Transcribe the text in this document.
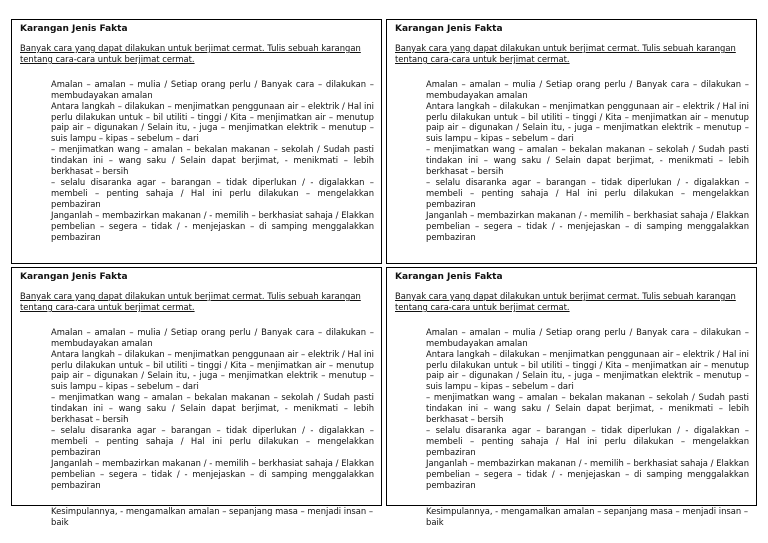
Karangan Jenis Fakta
Banyak cara yang dapat dilakukan untuk berjimat cermat. Tulis sebuah karangan tentang cara-cara untuk berjimat cermat.

Amalan – amalan – mulia / Setiap orang perlu / Banyak cara – dilakukan – membudayakan amalan

Antara langkah – dilakukan – menjimatkan penggunaan air – elektrik / Hal ini perlu dilakukan untuk – bil utiliti – tinggi / Kita – menjimatkan air – menutup paip air – digunakan / Selain itu, - juga – menjimatkan elektrik – menutup – suis lampu – kipas – sebelum – dari

– menjimatkan wang – amalan – bekalan makanan – sekolah / Sudah pasti tindakan ini – wang saku / Selain dapat berjimat, - menikmati – lebih berkhasat – bersih

– selalu disaranka agar – barangan – tidak diperlukan / - digalakkan – membeli – penting sahaja / Hal ini perlu dilakukan – mengelakkan pembaziran

Janganlah – membazirkan makanan / - memilih – berkhasiat sahaja / Elakkan pembelian – segera – tidak / - menjejaskan – di samping menggalakkan pembaziran

Karangan Jenis Fakta
Banyak cara yang dapat dilakukan untuk berjimat cermat. Tulis sebuah karangan tentang cara-cara untuk berjimat cermat.

Amalan – amalan – mulia / Setiap orang perlu / Banyak cara – dilakukan – membudayakan amalan

Antara langkah – dilakukan – menjimatkan penggunaan air – elektrik / Hal ini perlu dilakukan untuk – bil utiliti – tinggi / Kita – menjimatkan air – menutup paip air – digunakan / Selain itu, - juga – menjimatkan elektrik – menutup – suis lampu – kipas – sebelum – dari

– menjimatkan wang – amalan – bekalan makanan – sekolah / Sudah pasti tindakan ini – wang saku / Selain dapat berjimat, - menikmati – lebih berkhasat – bersih

– selalu disaranka agar – barangan – tidak diperlukan / - digalakkan – membeli – penting sahaja / Hal ini perlu dilakukan – mengelakkan pembaziran

Janganlah – membazirkan makanan / - memilih – berkhasiat sahaja / Elakkan pembelian – segera – tidak / - menjejaskan – di samping menggalakkan pembaziran

Karangan Jenis Fakta
Banyak cara yang dapat dilakukan untuk berjimat cermat. Tulis sebuah karangan tentang cara-cara untuk berjimat cermat.

Amalan – amalan – mulia / Setiap orang perlu / Banyak cara – dilakukan – membudayakan amalan

Antara langkah – dilakukan – menjimatkan penggunaan air – elektrik / Hal ini perlu dilakukan untuk – bil utiliti – tinggi / Kita – menjimatkan air – menutup paip air – digunakan / Selain itu, - juga – menjimatkan elektrik – menutup – suis lampu – kipas – sebelum – dari

– menjimatkan wang – amalan – bekalan makanan – sekolah / Sudah pasti tindakan ini – wang saku / Selain dapat berjimat, - menikmati – lebih berkhasat – bersih

– selalu disaranka agar – barangan – tidak diperlukan / - digalakkan – membeli – penting sahaja / Hal ini perlu dilakukan – mengelakkan pembaziran

Janganlah – membazirkan makanan / - memilih – berkhasiat sahaja / Elakkan pembelian – segera – tidak / - menjejaskan – di samping menggalakkan pembaziran

Kesimpulannya, - mengamalkan amalan – sepanjang masa – menjadi insan – baik
Karangan Jenis Fakta
Banyak cara yang dapat dilakukan untuk berjimat cermat. Tulis sebuah karangan tentang cara-cara untuk berjimat cermat.

Amalan – amalan – mulia / Setiap orang perlu / Banyak cara – dilakukan – membudayakan amalan

Antara langkah – dilakukan – menjimatkan penggunaan air – elektrik / Hal ini perlu dilakukan untuk – bil utiliti – tinggi / Kita – menjimatkan air – menutup paip air – digunakan / Selain itu, - juga – menjimatkan elektrik – menutup – suis lampu – kipas – sebelum – dari

– menjimatkan wang – amalan – bekalan makanan – sekolah / Sudah pasti tindakan ini – wang saku / Selain dapat berjimat, - menikmati – lebih berkhasat – bersih

– selalu disaranka agar – barangan – tidak diperlukan / - digalakkan – membeli – penting sahaja / Hal ini perlu dilakukan – mengelakkan pembaziran

Janganlah – membazirkan makanan / - memilih – berkhasiat sahaja / Elakkan pembelian – segera – tidak / - menjejaskan – di samping menggalakkan pembaziran

Kesimpulannya, - mengamalkan amalan – sepanjang masa – menjadi insan – baik
